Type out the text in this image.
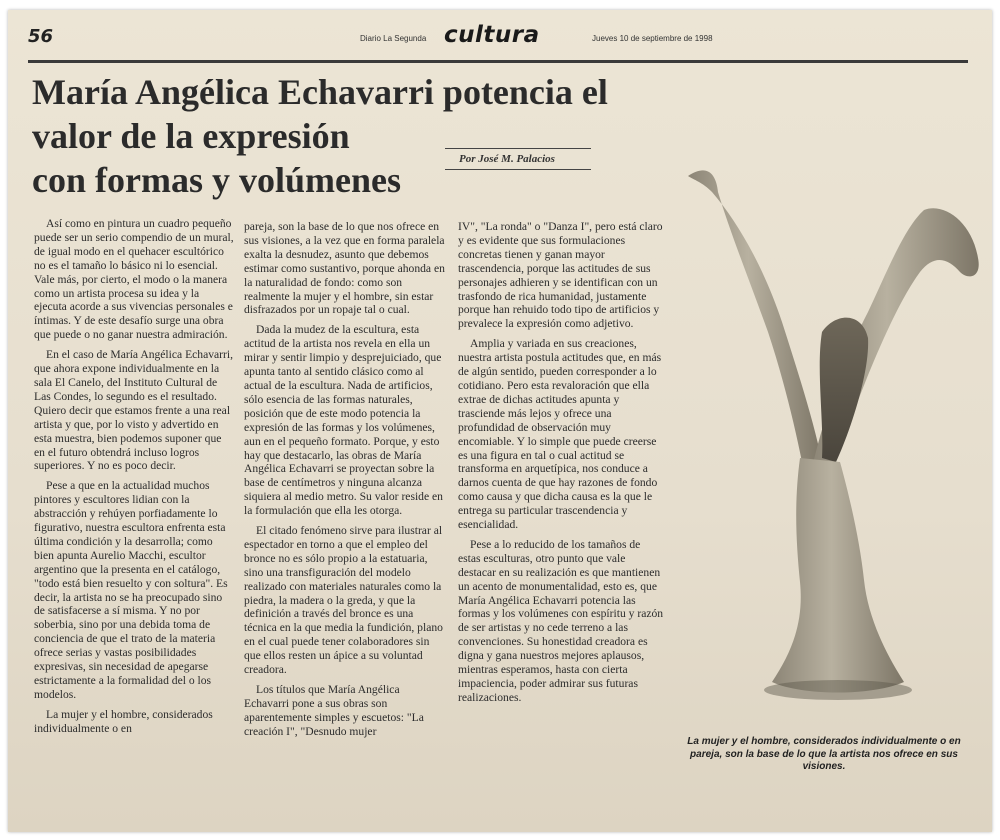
56	Diario La Segunda cultura	Jueves 10 de septiembre de 1998
María Angélica Echavarri potencia el
valor de la expresión
con formas y volúmenes
Por José M. Palacios

Así como en pintura un cuadro pequeño puede ser un serio compendio de un mural, de igual modo en el quehacer escultórico no es el tamaño lo básico ni lo esencial. Vale más, por cierto, el modo o la manera como un artista procesa su idea y la ejecuta acorde a sus vivencias personales e íntimas. Y de este desafío surge una obra que puede o no ganar nuestra admiración.

En el caso de María Angélica Echavarri, que ahora expone individualmente en la sala El Canelo, del Instituto Cultural de Las Condes, lo segundo es el resultado. Quiero decir que estamos frente a una real artista y que, por lo visto y advertido en esta muestra, bien podemos suponer que en el futuro obtendrá incluso logros superiores. Y no es poco decir.

Pese a que en la actualidad muchos pintores y escultores lidian con la abstracción y rehúyen porfiadamente lo figurativo, nuestra escultora enfrenta esta última condición y la desarrolla; como bien apunta Aurelio Macchi, escultor argentino que la presenta en el catálogo, "todo está bien resuelto y con soltura". Es decir, la artista no se ha preocupado sino de satisfacerse a sí misma. Y no por soberbia, sino por una debida toma de conciencia de que el trato de la materia ofrece serias y vastas posibilidades expresivas, sin necesidad de apegarse estrictamente a la formalidad del o los modelos.

La mujer y el hombre, considerados individualmente o en

pareja, son la base de lo que nos ofrece en sus visiones, a la vez que en forma paralela exalta la desnudez, asunto que debemos estimar como sustantivo, porque ahonda en la naturalidad de fondo: como son realmente la mujer y el hombre, sin estar disfrazados por un ropaje tal o cual.

Dada la mudez de la escultura, esta actitud de la artista nos revela en ella un mirar y sentir limpio y desprejuiciado, que apunta tanto al sentido clásico como al actual de la escultura. Nada de artificios, sólo esencia de las formas naturales, posición que de este modo potencia la expresión de las formas y los volúmenes, aun en el pequeño formato. Porque, y esto hay que destacarlo, las obras de María Angélica Echavarri se proyectan sobre la base de centímetros y ninguna alcanza siquiera al medio metro. Su valor reside en la formulación que ella les otorga.

El citado fenómeno sirve para ilustrar al espectador en torno a que el empleo del bronce no es sólo propio a la estatuaria, sino una transfiguración del modelo realizado con materiales naturales como la piedra, la madera o la greda, y que la definición a través del bronce es una técnica en la que media la fundición, plano en el cual puede tener colaboradores sin que ellos resten un ápice a su voluntad creadora.

Los títulos que María Angélica Echavarri pone a sus obras son aparentemente simples y escuetos: "La creación I", "Desnudo mujer

IV", "La ronda" o "Danza I", pero está claro y es evidente que sus formulaciones concretas tienen y ganan mayor trascendencia, porque las actitudes de sus personajes adhieren y se identifican con un trasfondo de rica humanidad, justamente porque han rehuido todo tipo de artificios y prevalece la expresión como adjetivo.

Amplia y variada en sus creaciones, nuestra artista postula actitudes que, en más de algún sentido, pueden corresponder a lo cotidiano. Pero esta revaloración que ella extrae de dichas actitudes apunta y trasciende más lejos y ofrece una profundidad de observación muy encomiable. Y lo simple que puede creerse es una figura en tal o cual actitud se transforma en arquetípica, nos conduce a darnos cuenta de que hay razones de fondo como causa y que dicha causa es la que le entrega su particular trascendencia y esencialidad.

Pese a lo reducido de los tamaños de estas esculturas, otro punto que vale destacar en su realización es que mantienen un acento de monumentalidad, esto es, que María Angélica Echavarri potencia las formas y los volúmenes con espíritu y razón de ser artistas y no cede terreno a las convenciones. Su honestidad creadora es digna y gana nuestros mejores aplausos, mientras esperamos, hasta con cierta impaciencia, poder admirar sus futuras realizaciones.

La mujer y el hombre, considerados individualmente o en pareja, son la base de lo que la artista nos ofrece en sus visiones.
